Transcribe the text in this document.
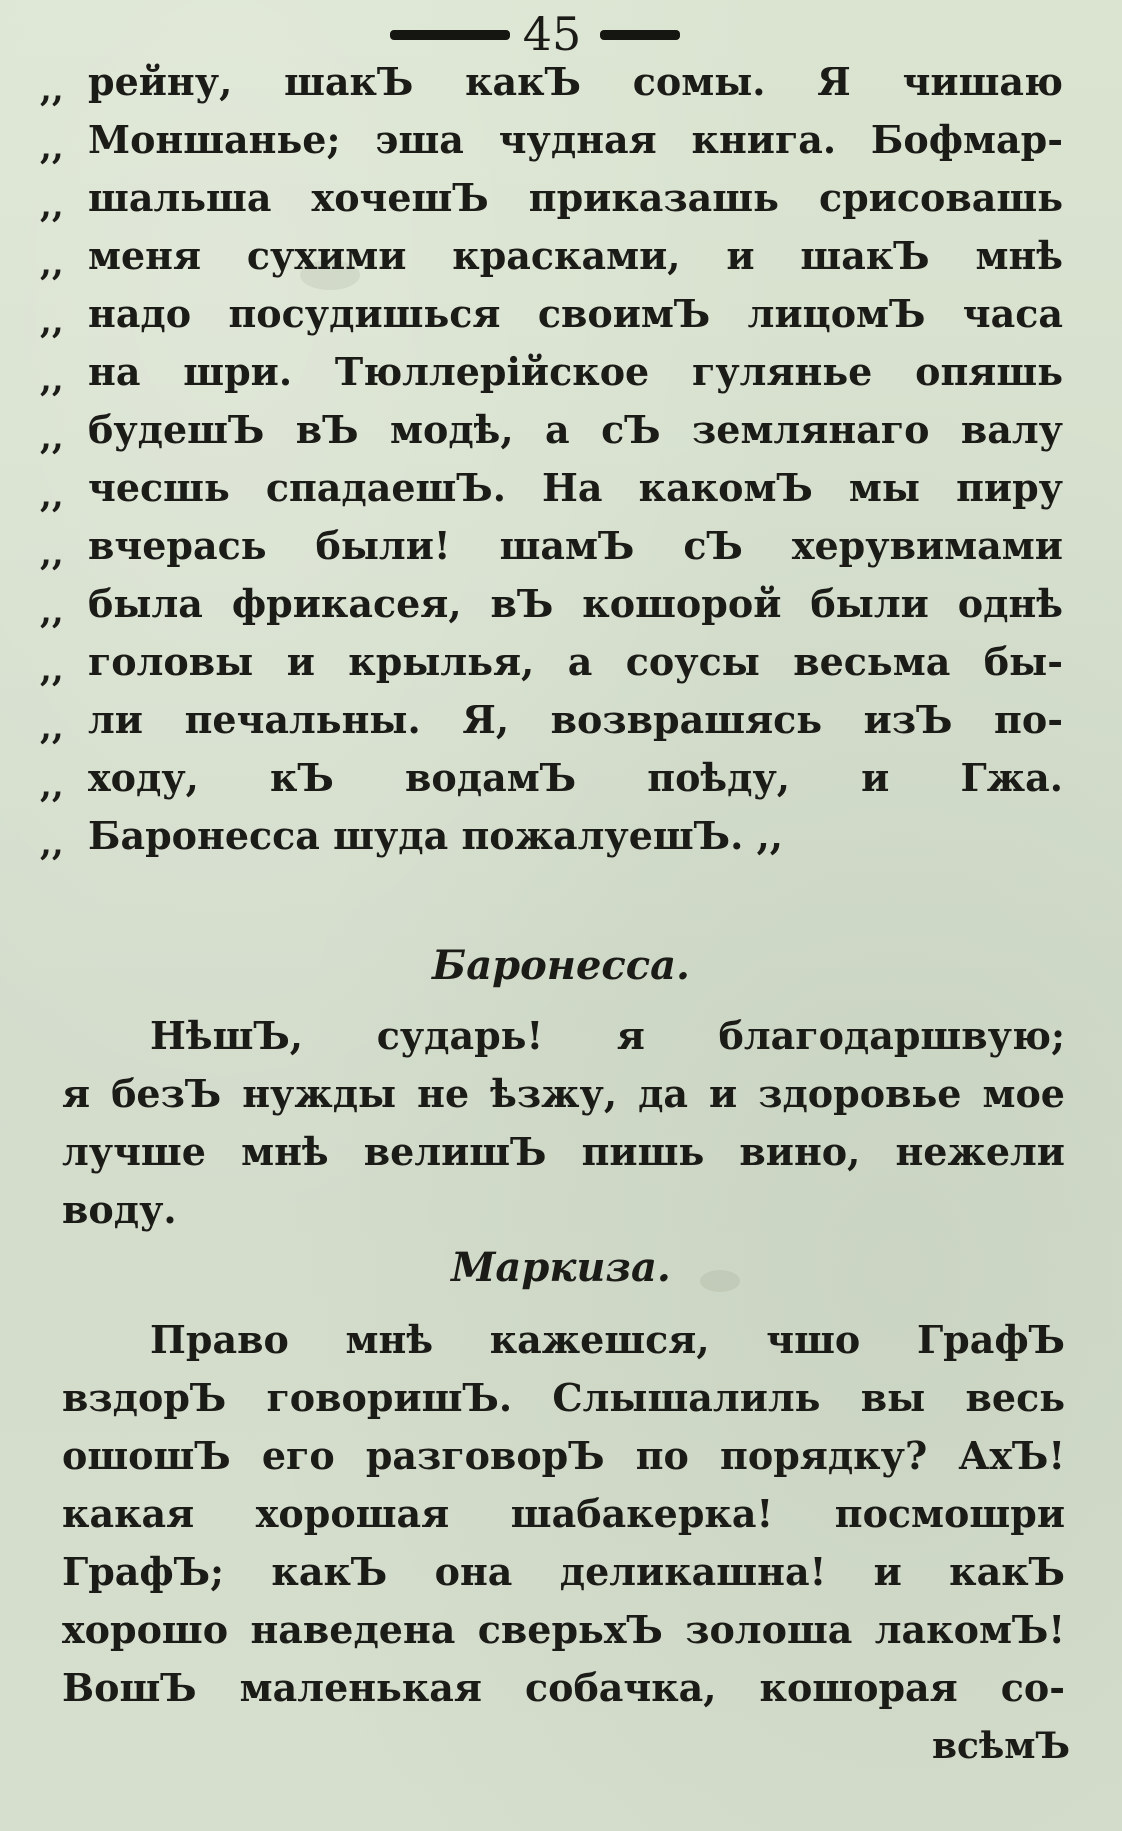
45
,, рейну, шакЪ какЪ сомы. Я чишаю
,, Моншанье; эша чудная книга. Бофмар-
,, шальша хочешЪ приказашь срисовашь
,, меня сухими красками, и шакЪ мнѣ
,, надо посудишься своимЪ лицомЪ часа
,, на шри. Тюллерійское гулянье опяшь
,, будешЪ вЪ модѣ, а сЪ землянаго валу
,, чесшь спадаешЪ. На какомЪ мы пиру
,, вчерась были! шамЪ сЪ херувимами
,, была фрикасея, вЪ кошорой были однѣ
,, головы и крылья, а соусы весьма бы-
,, ли печальны. Я, возврашясь изЪ по-
,, ходу, кЪ водамЪ поѣду, и Гжа.
,, Баронесса шуда пожалуешЪ. ,,
Баронесса.
НѣшЪ, сударь! я благодаршвую;
я безЪ нужды не ѣзжу, да и здоровье мое
лучше мнѣ велишЪ пишь вино, нежели
воду.
Маркиза.
Право мнѣ кажешся, чшо ГрафЪ
вздорЪ говоришЪ. Слышалиль вы весь
ошошЪ его разговорЪ по порядку? АхЪ!
какая хорошая шабакерка! посмошри
ГрафЪ; какЪ она деликашна! и какЪ
хорошо наведена сверьхЪ золоша лакомЪ!
ВошЪ маленькая собачка, кошорая со-
всѣмЪ
